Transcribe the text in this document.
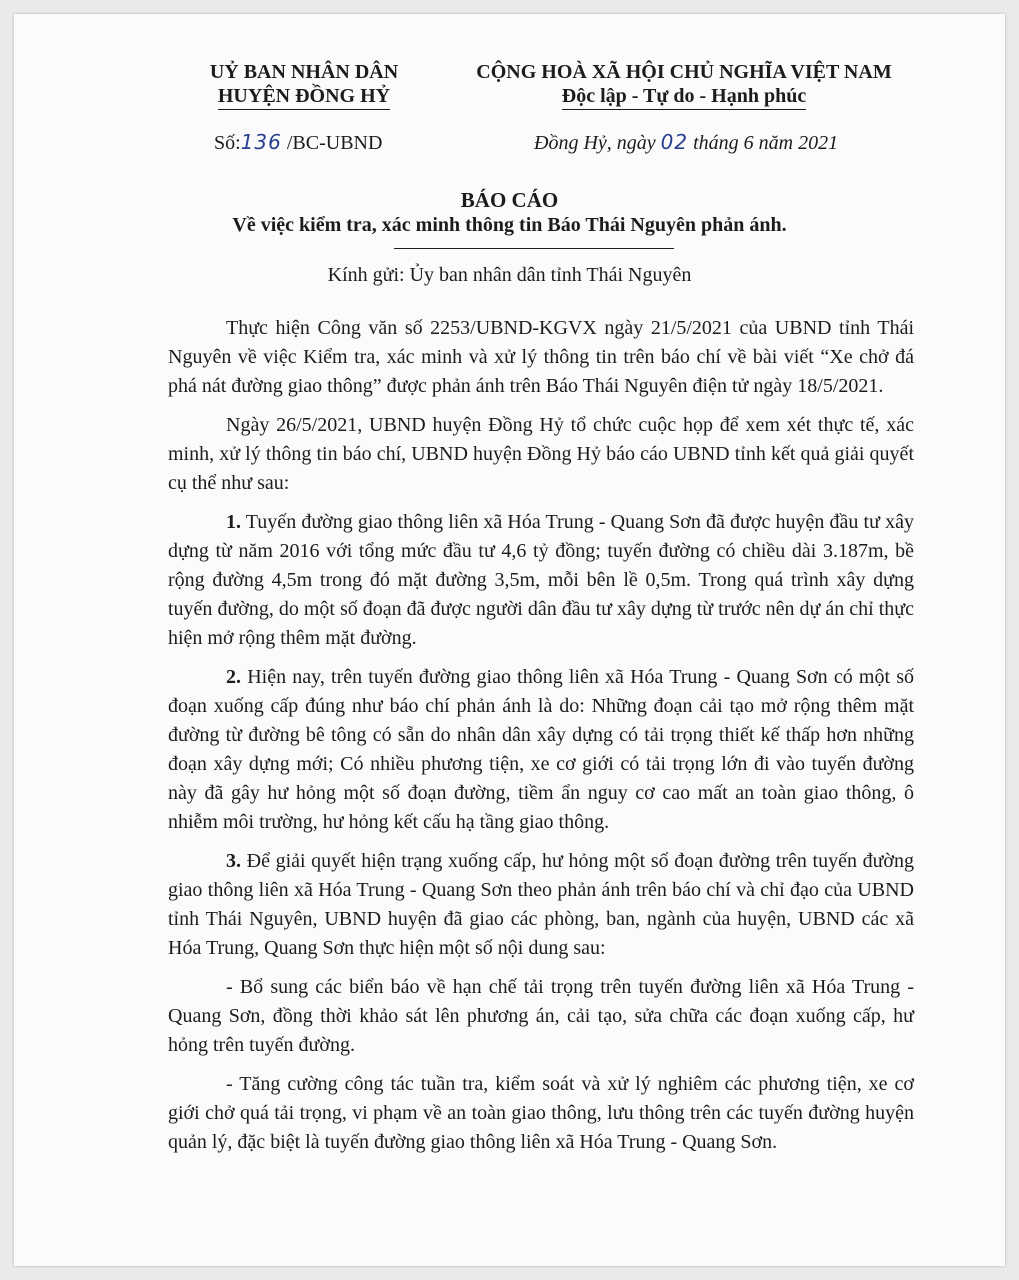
UỶ BAN NHÂN DÂN
HUYỆN ĐỒNG HỶ
CỘNG HOÀ XÃ HỘI CHỦ NGHĨA VIỆT NAM
Độc lập - Tự do - Hạnh phúc
Số:136 /BC-UBND	Đồng Hỷ, ngày 02 tháng 6 năm 2021
BÁO CÁO
Về việc kiểm tra, xác minh thông tin Báo Thái Nguyên phản ánh.
Kính gửi: Ủy ban nhân dân tỉnh Thái Nguyên

Thực hiện Công văn số 2253/UBND-KGVX ngày 21/5/2021 của UBND tỉnh Thái Nguyên về việc Kiểm tra, xác minh và xử lý thông tin trên báo chí về bài viết “Xe chở đá phá nát đường giao thông” được phản ánh trên Báo Thái Nguyên điện tử ngày 18/5/2021.

Ngày 26/5/2021, UBND huyện Đồng Hỷ tổ chức cuộc họp để xem xét thực tế, xác minh, xử lý thông tin báo chí, UBND huyện Đồng Hỷ báo cáo UBND tỉnh kết quả giải quyết cụ thể như sau:

1. Tuyến đường giao thông liên xã Hóa Trung - Quang Sơn đã được huyện đầu tư xây dựng từ năm 2016 với tổng mức đầu tư 4,6 tỷ đồng; tuyến đường có chiều dài 3.187m, bề rộng đường 4,5m trong đó mặt đường 3,5m, mỗi bên lề 0,5m. Trong quá trình xây dựng tuyến đường, do một số đoạn đã được người dân đầu tư xây dựng từ trước nên dự án chỉ thực hiện mở rộng thêm mặt đường.

2. Hiện nay, trên tuyến đường giao thông liên xã Hóa Trung - Quang Sơn có một số đoạn xuống cấp đúng như báo chí phản ánh là do: Những đoạn cải tạo mở rộng thêm mặt đường từ đường bê tông có sẵn do nhân dân xây dựng có tải trọng thiết kế thấp hơn những đoạn xây dựng mới; Có nhiều phương tiện, xe cơ giới có tải trọng lớn đi vào tuyến đường này đã gây hư hỏng một số đoạn đường, tiềm ẩn nguy cơ cao mất an toàn giao thông, ô nhiễm môi trường, hư hỏng kết cấu hạ tầng giao thông.

3. Để giải quyết hiện trạng xuống cấp, hư hỏng một số đoạn đường trên tuyến đường giao thông liên xã Hóa Trung - Quang Sơn theo phản ánh trên báo chí và chỉ đạo của UBND tỉnh Thái Nguyên, UBND huyện đã giao các phòng, ban, ngành của huyện, UBND các xã Hóa Trung, Quang Sơn thực hiện một số nội dung sau:

- Bổ sung các biển báo về hạn chế tải trọng trên tuyến đường liên xã Hóa Trung - Quang Sơn, đồng thời khảo sát lên phương án, cải tạo, sửa chữa các đoạn xuống cấp, hư hỏng trên tuyến đường.

- Tăng cường công tác tuần tra, kiểm soát và xử lý nghiêm các phương tiện, xe cơ giới chở quá tải trọng, vi phạm về an toàn giao thông, lưu thông trên các tuyến đường huyện quản lý, đặc biệt là tuyến đường giao thông liên xã Hóa Trung - Quang Sơn.
